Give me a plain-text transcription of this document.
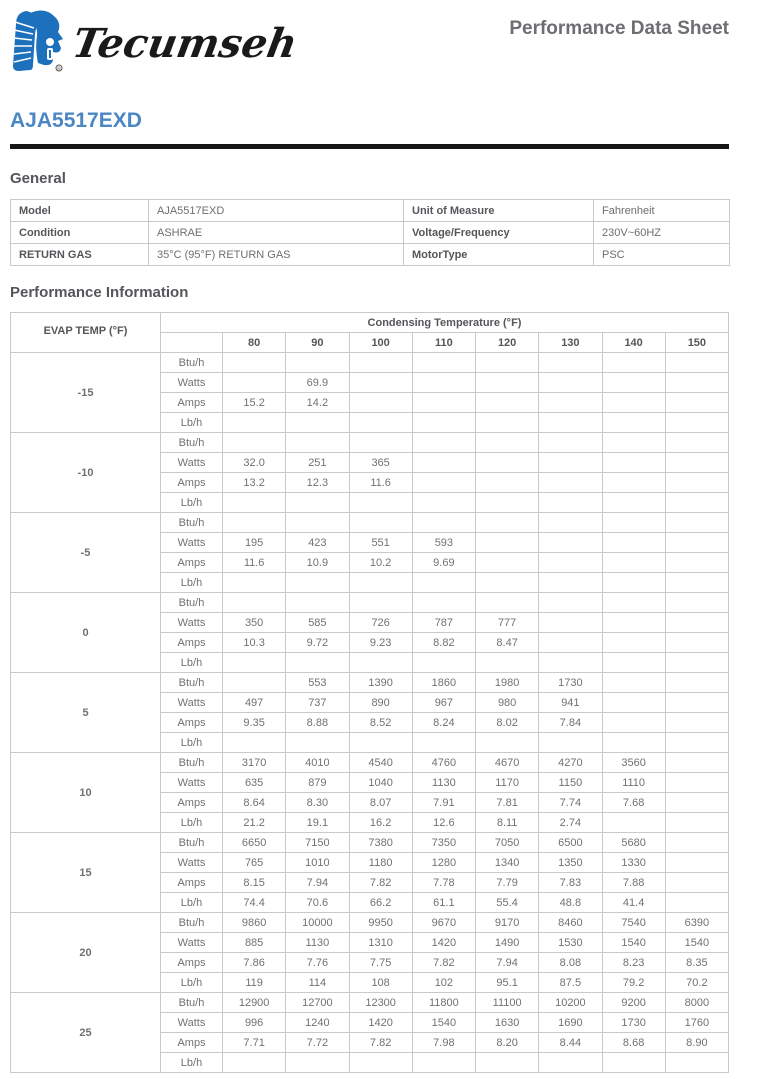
R
Tecumseh	Performance Data Sheet
AJA5517EXD
General
Model	AJA5517EXD	Unit of Measure	Fahrenheit
Condition	ASHRAE	Voltage/Frequency	230V~60HZ
RETURN GAS	35°C (95°F) RETURN GAS	MotorType	PSC
Performance Information
EVAP TEMP (°F)	Condensing Temperature (°F)								
		80	90	100	110	120	130	140	150
-15	Btu/h								
	Watts		69.9						
	Amps	15.2	14.2						
	Lb/h								
-10	Btu/h								
	Watts	32.0	251	365					
	Amps	13.2	12.3	11.6					
	Lb/h								
-5	Btu/h								
	Watts	195	423	551	593				
	Amps	11.6	10.9	10.2	9.69				
	Lb/h								
0	Btu/h								
	Watts	350	585	726	787	777			
	Amps	10.3	9.72	9.23	8.82	8.47			
	Lb/h								
5	Btu/h		553	1390	1860	1980	1730		
	Watts	497	737	890	967	980	941		
	Amps	9.35	8.88	8.52	8.24	8.02	7.84		
	Lb/h								
10	Btu/h	3170	4010	4540	4760	4670	4270	3560	
	Watts	635	879	1040	1130	1170	1150	1110	
	Amps	8.64	8.30	8.07	7.91	7.81	7.74	7.68	
	Lb/h	21.2	19.1	16.2	12.6	8.11	2.74		
15	Btu/h	6650	7150	7380	7350	7050	6500	5680	
	Watts	765	1010	1180	1280	1340	1350	1330	
	Amps	8.15	7.94	7.82	7.78	7.79	7.83	7.88	
	Lb/h	74.4	70.6	66.2	61.1	55.4	48.8	41.4	
20	Btu/h	9860	10000	9950	9670	9170	8460	7540	6390
	Watts	885	1130	1310	1420	1490	1530	1540	1540
	Amps	7.86	7.76	7.75	7.82	7.94	8.08	8.23	8.35
	Lb/h	119	114	108	102	95.1	87.5	79.2	70.2
25	Btu/h	12900	12700	12300	11800	11100	10200	9200	8000
	Watts	996	1240	1420	1540	1630	1690	1730	1760
	Amps	7.71	7.72	7.82	7.98	8.20	8.44	8.68	8.90
	Lb/h								
